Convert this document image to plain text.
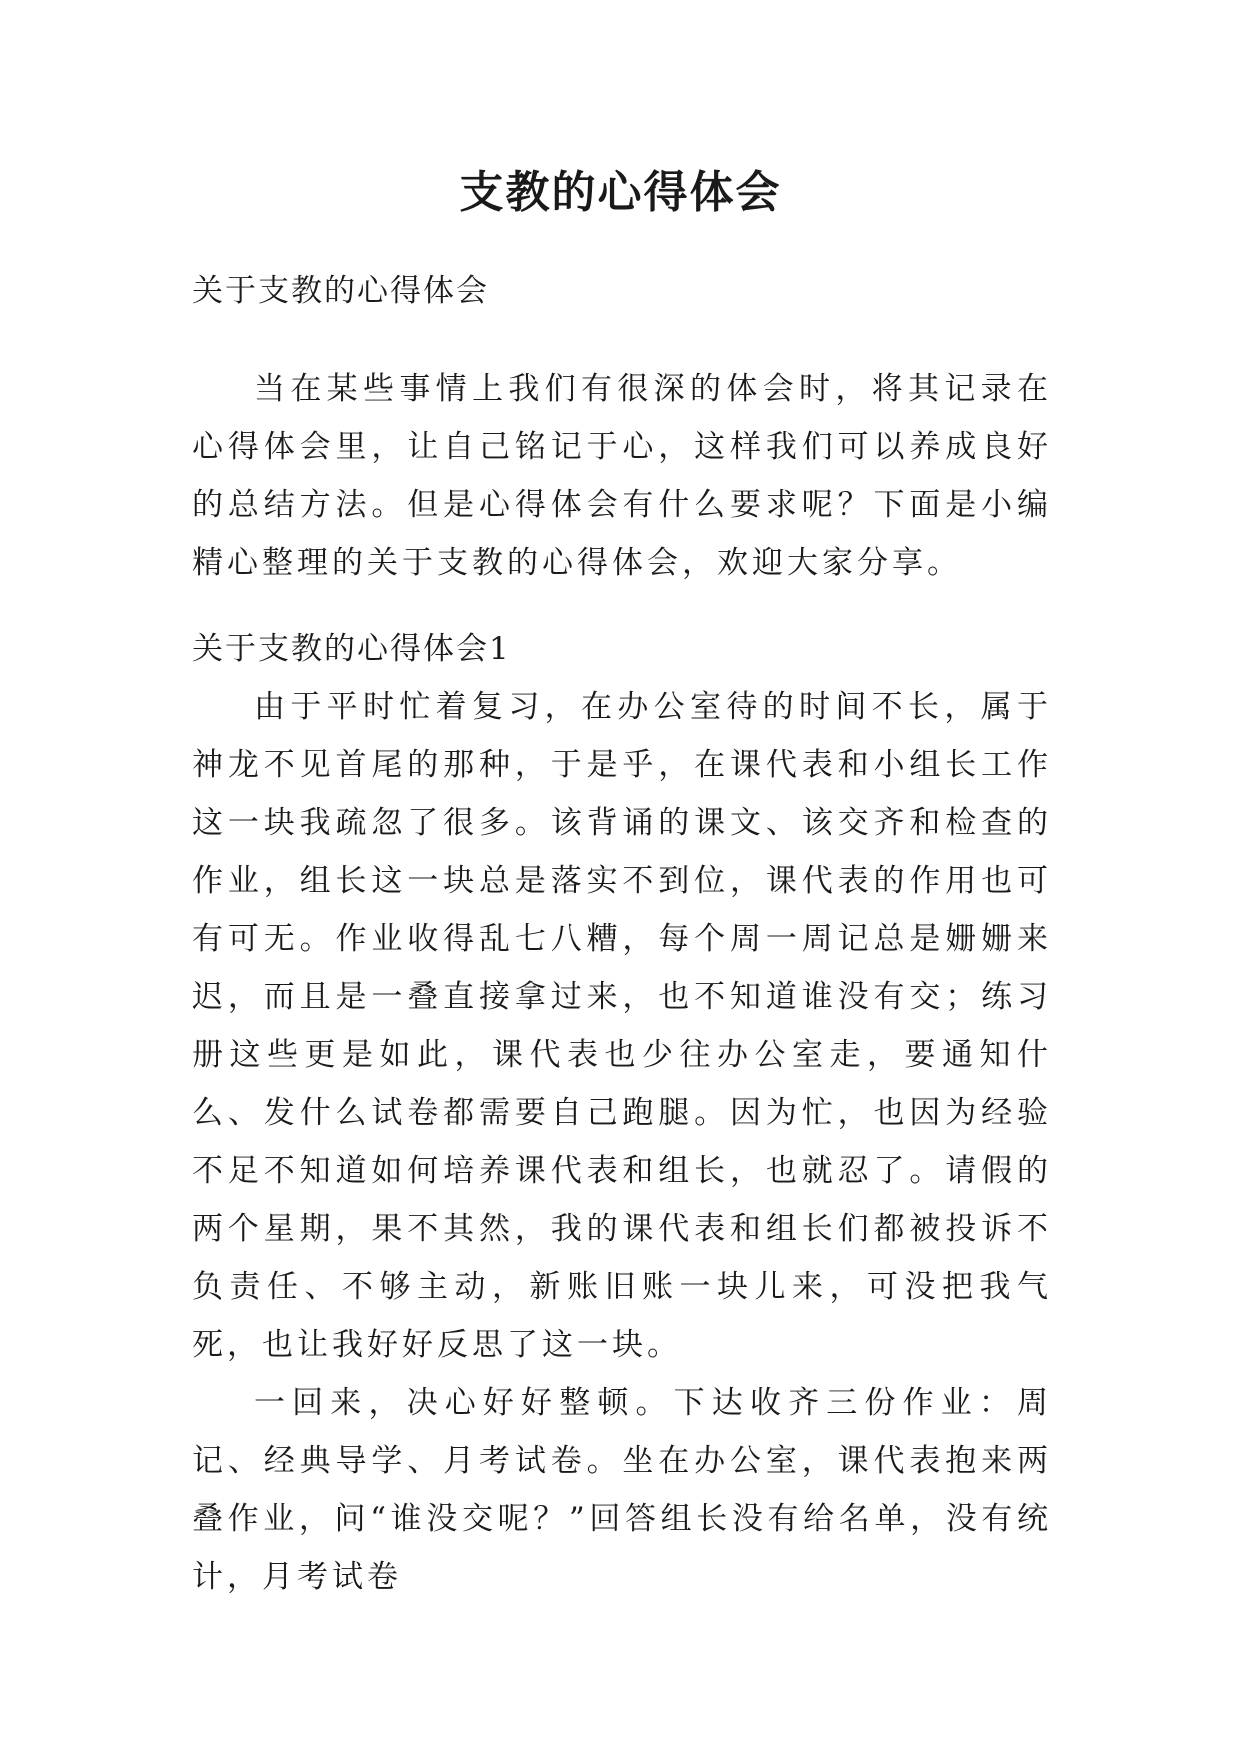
支教的心得体会
关于支教的心得体会

当在某些事情上我们有很深的体会时，将其记录在心得体会里，让自己铭记于心，这样我们可以养成良好的总结方法。但是心得体会有什么要求呢？下面是小编精心整理的关于支教的心得体会，欢迎大家分享。

关于支教的心得体会1

由于平时忙着复习，在办公室待的时间不长，属于神龙不见首尾的那种，于是乎，在课代表和小组长工作这一块我疏忽了很多。该背诵的课文、该交齐和检查的作业，组长这一块总是落实不到位，课代表的作用也可有可无。作业收得乱七八糟，每个周一周记总是姗姗来迟，而且是一叠直接拿过来，也不知道谁没有交；练习册这些更是如此，课代表也少往办公室走，要通知什么、发什么试卷都需要自己跑腿。因为忙，也因为经验不足不知道如何培养课代表和组长，也就忍了。请假的两个星期，果不其然，我的课代表和组长们都被投诉不负责任、不够主动，新账旧账一块儿来，可没把我气死，也让我好好反思了这一块。

一回来，决心好好整顿。下达收齐三份作业：周记、经典导学、月考试卷。坐在办公室，课代表抱来两叠作业，问“谁没交呢？”回答组长没有给名单，没有统计，月考试卷
